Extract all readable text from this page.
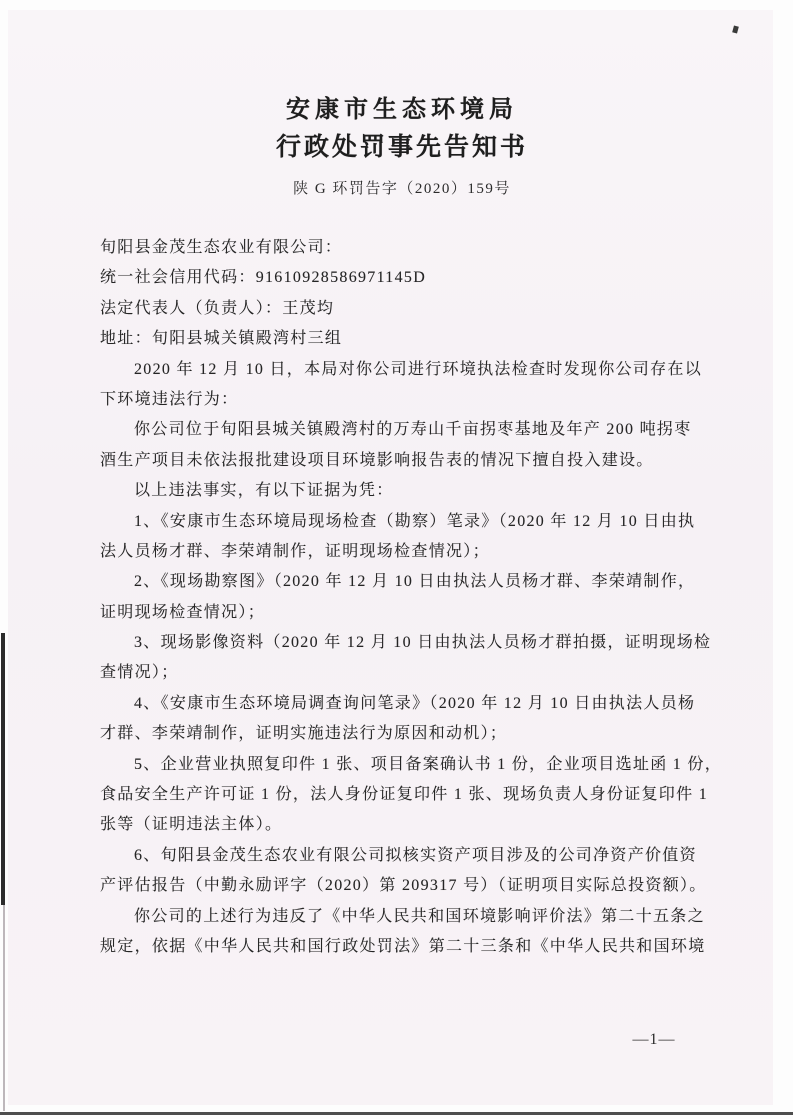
安康市生态环境局
行政处罚事先告知书
陕 G 环罚告字（2020）159号
旬阳县金茂生态农业有限公司：
统一社会信用代码：91610928586971145D
法定代表人（负责人）：王茂均
地址：旬阳县城关镇殿湾村三组
2020 年 12 月 10 日，本局对你公司进行环境执法检查时发现你公司存在以
下环境违法行为：
你公司位于旬阳县城关镇殿湾村的万寿山千亩拐枣基地及年产 200 吨拐枣
酒生产项目未依法报批建设项目环境影响报告表的情况下擅自投入建设。
以上违法事实，有以下证据为凭：
1、《安康市生态环境局现场检查（勘察）笔录》（2020 年 12 月 10 日由执
法人员杨才群、李荣靖制作，证明现场检查情况）；
2、《现场勘察图》（2020 年 12 月 10 日由执法人员杨才群、李荣靖制作，
证明现场检查情况）；
3、现场影像资料（2020 年 12 月 10 日由执法人员杨才群拍摄，证明现场检
查情况）；
4、《安康市生态环境局调查询问笔录》（2020 年 12 月 10 日由执法人员杨
才群、李荣靖制作，证明实施违法行为原因和动机）；
5、企业营业执照复印件 1 张、项目备案确认书 1 份，企业项目选址函 1 份，
食品安全生产许可证 1 份，法人身份证复印件 1 张、现场负责人身份证复印件 1
张等（证明违法主体）。
6、旬阳县金茂生态农业有限公司拟核实资产项目涉及的公司净资产价值资
产评估报告（中勤永励评字（2020）第 209317 号）（证明项目实际总投资额）。
你公司的上述行为违反了《中华人民共和国环境影响评价法》第二十五条之
规定，依据《中华人民共和国行政处罚法》第二十三条和《中华人民共和国环境
—1—
